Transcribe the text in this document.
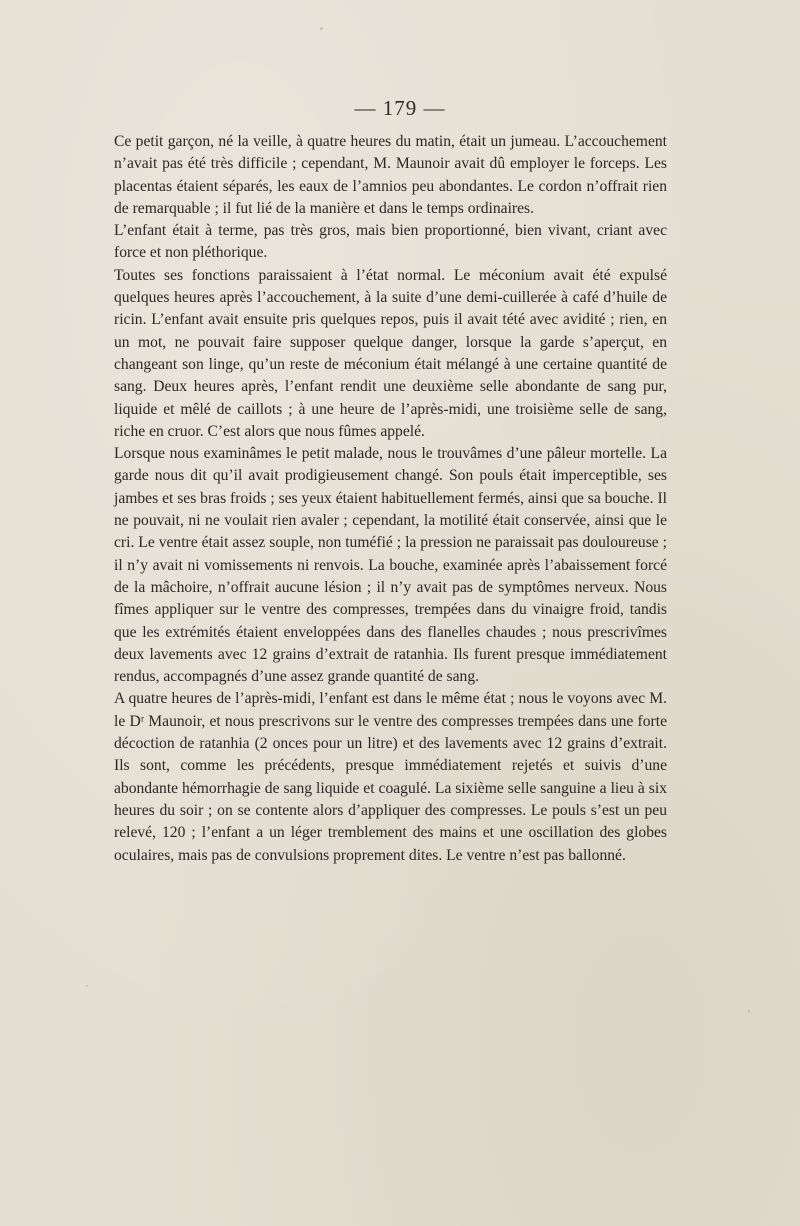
— 179 —

Ce petit garçon, né la veille, à quatre heures du matin, était un jumeau. L’accouchement n’avait pas été très difficile ; cependant, M. Maunoir avait dû employer le forceps. Les placentas étaient séparés, les eaux de l’amnios peu abondantes. Le cordon n’offrait rien de remarquable ; il fut lié de la manière et dans le temps ordinaires.

L’enfant était à terme, pas très gros, mais bien proportionné, bien vivant, criant avec force et non pléthorique.

Toutes ses fonctions paraissaient à l’état normal. Le méconium avait été expulsé quelques heures après l’accouchement, à la suite d’une demi-cuillerée à café d’huile de ricin. L’enfant avait ensuite pris quelques repos, puis il avait tété avec avidité ; rien, en un mot, ne pouvait faire supposer quelque danger, lorsque la garde s’aperçut, en changeant son linge, qu’un reste de méconium était mélangé à une certaine quantité de sang. Deux heures après, l’enfant rendit une deuxième selle abondante de sang pur, liquide et mêlé de caillots ; à une heure de l’après-midi, une troisième selle de sang, riche en cruor. C’est alors que nous fûmes appelé.

Lorsque nous examinâmes le petit malade, nous le trouvâmes d’une pâleur mortelle. La garde nous dit qu’il avait prodigieusement changé. Son pouls était imperceptible, ses jambes et ses bras froids ; ses yeux étaient habituellement fermés, ainsi que sa bouche. Il ne pouvait, ni ne voulait rien avaler ; cependant, la motilité était conservée, ainsi que le cri. Le ventre était assez souple, non tuméfié ; la pression ne paraissait pas douloureuse ; il n’y avait ni vomissements ni renvois. La bouche, examinée après l’abaissement forcé de la mâchoire, n’offrait aucune lésion ; il n’y avait pas de symptômes nerveux. Nous fîmes appliquer sur le ventre des compresses, trempées dans du vinaigre froid, tandis que les extrémités étaient enveloppées dans des flanelles chaudes ; nous prescrivîmes deux lavements avec 12 grains d’extrait de ratanhia. Ils furent presque immédiatement rendus, accompagnés d’une assez grande quantité de sang.

A quatre heures de l’après-midi, l’enfant est dans le même état ; nous le voyons avec M. le Dʳ Maunoir, et nous prescrivons sur le ventre des compresses trempées dans une forte décoction de ratanhia (2 onces pour un litre) et des lavements avec 12 grains d’extrait. Ils sont, comme les précédents, presque immédiatement rejetés et suivis d’une abondante hémorrhagie de sang liquide et coagulé. La sixième selle sanguine a lieu à six heures du soir ; on se contente alors d’appliquer des compresses. Le pouls s’est un peu relevé, 120 ; l’enfant a un léger tremblement des mains et une oscillation des globes oculaires, mais pas de convulsions proprement dites. Le ventre n’est pas ballonné.
